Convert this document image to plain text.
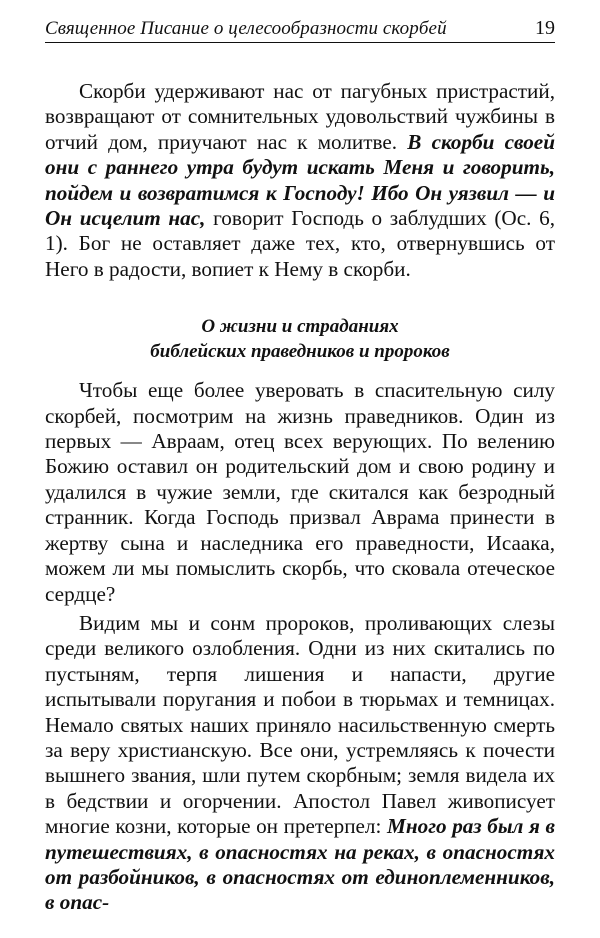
Священное Писание о целесообразности скорбей	19

Скорби удерживают нас от пагубных пристрастий, возвращают от сомнительных удовольствий чужбины в отчий дом, приучают нас к молитве. В скорби своей они с раннего утра будут искать Меня и говорить, пойдем и возвратимся к Господу! Ибо Он уязвил — и Он исцелит нас, говорит Господь о заблудших (Ос. 6, 1). Бог не оставляет даже тех, кто, отвернувшись от Него в радости, вопиет к Нему в скорби.

О жизни и страданиях
библейских праведников и пророков

Чтобы еще более уверовать в спасительную силу скорбей, посмотрим на жизнь праведников. Один из первых — Авраам, отец всех верующих. По велению Божию оставил он родительский дом и свою родину и удалился в чужие земли, где скитался как безродный странник. Когда Господь призвал Аврама принести в жертву сына и наследника его праведности, Исаака, можем ли мы помыслить скорбь, что сковала отеческое сердце?

Видим мы и сонм пророков, проливающих слезы среди великого озлобления. Одни из них скитались по пустыням, терпя лишения и напасти, другие испытывали поругания и побои в тюрьмах и темницах. Немало святых наших приняло насильственную смерть за веру христианскую. Все они, устремляясь к почести вышнего звания, шли путем скорбным; земля видела их в бедствии и огорчении. Апостол Павел живописует многие козни, которые он претерпел: Много раз был я в путешествиях, в опасностях на реках, в опасностях от разбойников, в опасностях от единоплеменников, в опас-
